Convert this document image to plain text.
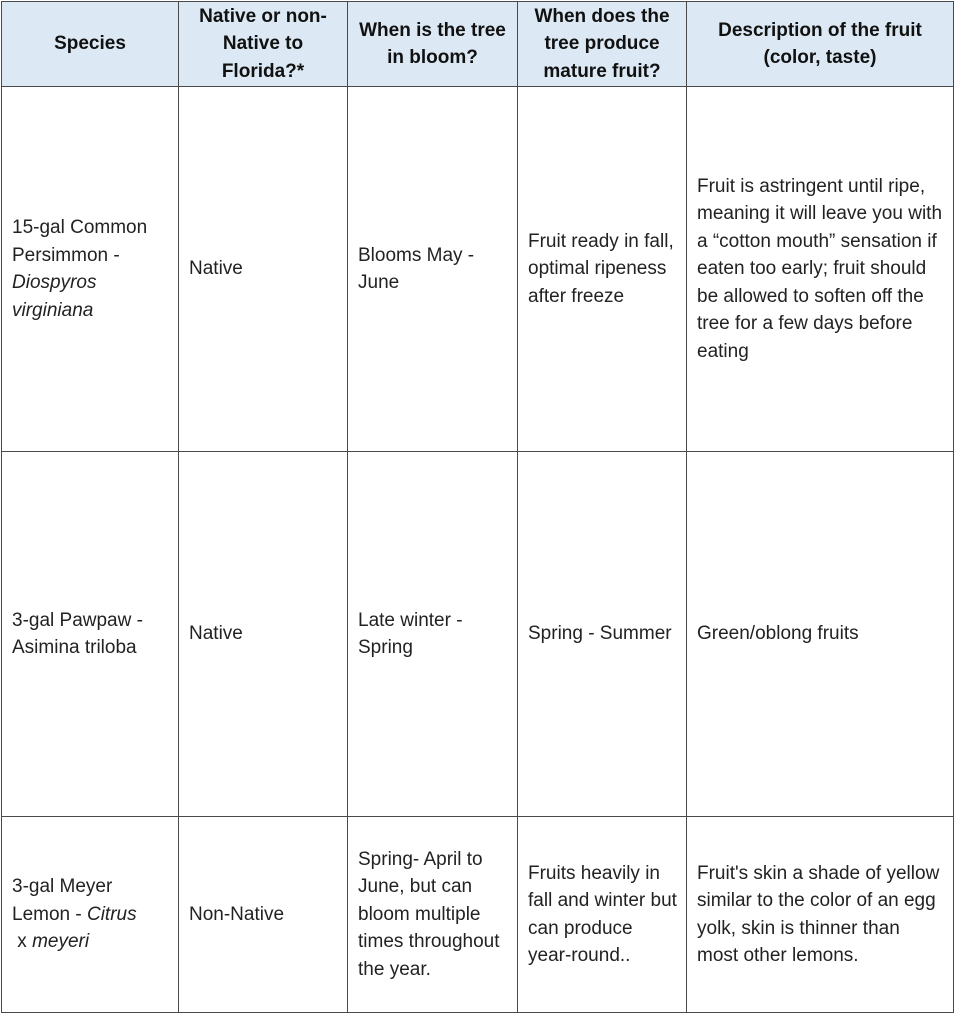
Species	Native or non-Native to Florida?*	When is the tree in bloom?	When does the tree produce mature fruit?	Description of the fruit (color, taste)
15-gal Common Persimmon - Diospyros virginiana	Native	Blooms May - June	Fruit ready in fall, optimal ripeness after freeze	Fruit is astringent until ripe, meaning it will leave you with a “cotton mouth” sensation if eaten too early; fruit should be allowed to soften off the tree for a few days before eating
3-gal Pawpaw - Asimina triloba	Native	Late winter - Spring	Spring - Summer	Green/oblong fruits
3-gal Meyer Lemon - Citrus x meyeri	Non-Native	Spring- April to June, but can bloom multiple times throughout the year.	Fruits heavily in fall and winter but can produce year-round..	Fruit's skin a shade of yellow similar to the color of an egg yolk, skin is thinner than most other lemons.
